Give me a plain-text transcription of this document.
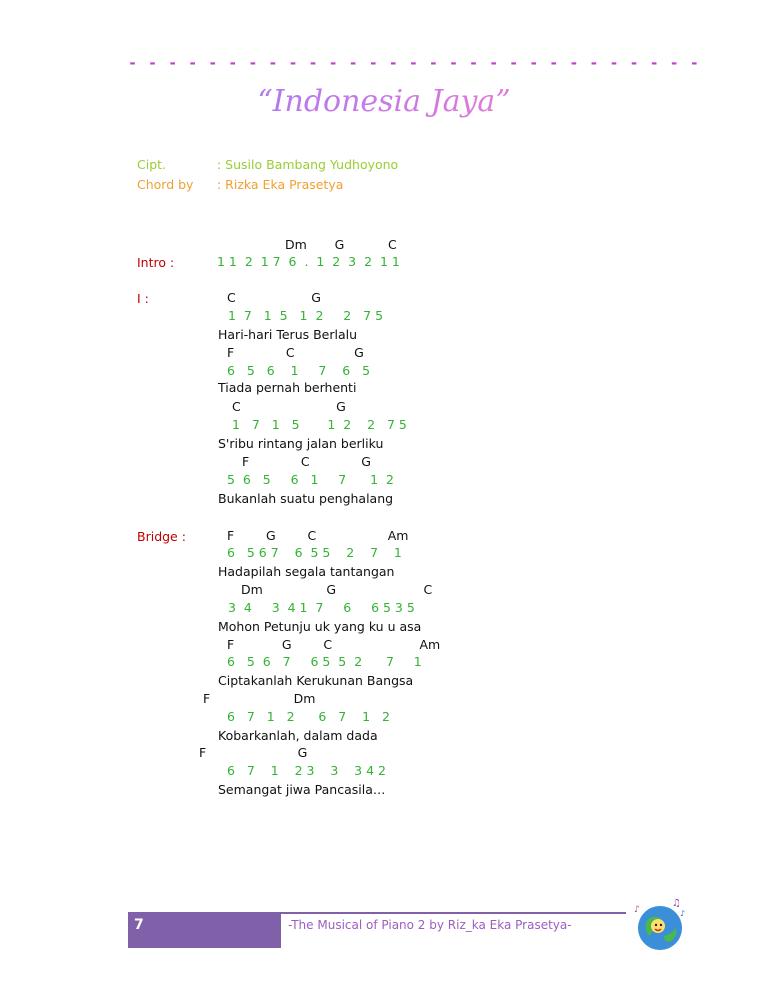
- - - - - - - - - - - - - - - - - - - - - - - - - - - - -
“Indonesia Jaya”
Cipt.	: Susilo Bambang Yudhoyono
Chord by : Rizka Eka Prasetya
Intro :
I :
Bridge :
Dm       G           C
1 1  2  1 7  6  .  1  2  3  2  1 1
C                   G
1  7   1  5   1  2     2   7 5
Hari-hari Terus Berlalu
F             C               G
6   5   6    1     7    6   5
Tiada pernah berhenti
C                        G
1   7   1   5       1  2    2   7 5
S'ribu rintang jalan berliku
F             C             G
5  6   5     6   1     7      1  2
Bukanlah suatu penghalang
F        G        C                  Am
6   5 6 7    6  5 5    2    7    1
Hadapilah segala tantangan
Dm                G                      C
3  4     3  4 1  7     6     6 5 3 5
Mohon Petunju uk yang ku u asa
F            G        C                      Am
6   5  6   7     6 5  5  2      7     1
Ciptakanlah Kerukunan Bangsa
F                     Dm
6   7   1   2      6   7    1   2
Kobarkanlah, dalam dada
F                       G
6   7    1    2 3    3    3 4 2
Semangat jiwa Pancasila…
7	-The Musical of Piano 2 by Riz_ka Eka Prasetya-
♫
♪
♪
